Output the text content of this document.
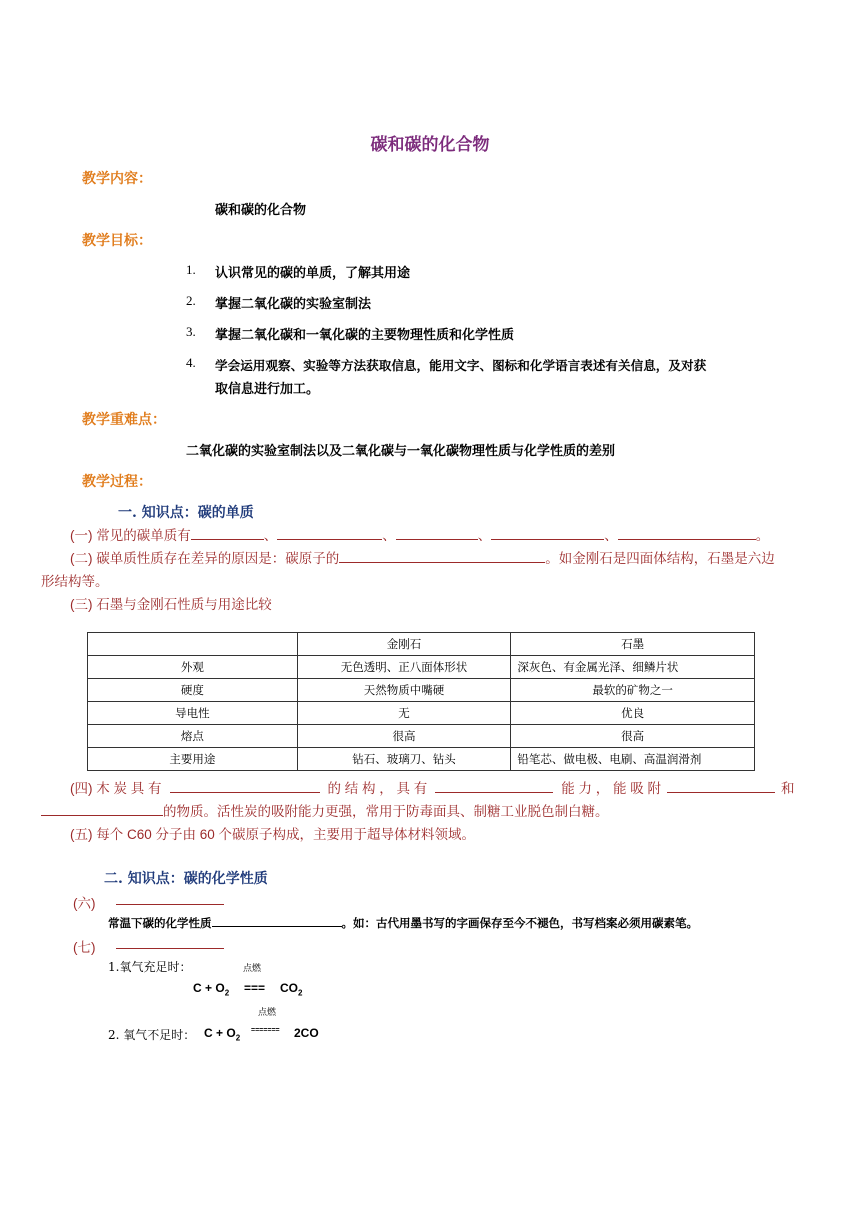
碳和碳的化合物
教学内容：
碳和碳的化合物
教学目标：
1. 认识常见的碳的单质，了解其用途
2. 掌握二氧化碳的实验室制法
3. 掌握二氧化碳和一氧化碳的主要物理性质和化学性质
4. 学会运用观察、实验等方法获取信息，能用文字、图标和化学语言表述有关信息，及对获
取信息进行加工。
教学重难点：
二氧化碳的实验室制法以及二氧化碳与一氧化碳物理性质与化学性质的差别
教学过程：
一. 知识点：碳的单质
(一) 常见的碳单质有	、	、	、	、	。
(二) 碳单质性质存在差异的原因是：碳原子的	。如金刚石是四面体结构，石墨是六边
形结构等。
(三) 石墨与金刚石性质与用途比较
	金刚石	石墨
外观	无色透明、正八面体形状	深灰色、有金属光泽、细鳞片状
硬度	天然物质中嘴硬	最软的矿物之一
导电性	无	优良
熔点	很高	很高
主要用途	钻石、玻璃刀、钻头	铅笔芯、做电极、电刷、高温润滑剂
(四) 木 炭 具 有	的 结 构 ， 具 有	能 力 ， 能 吸 附	和
的物质。活性炭的吸附能力更强，常用于防毒面具、制糖工业脱色制白糖。
(五) 每个 C60 分子由 60 个碳原子构成，主要用于超导体材料领域。
二. 知识点：碳的化学性质
(六)
常温下碳的化学性质	。如：古代用墨书写的字画保存至今不褪色，书写档案必须用碳素笔。
(七)
1.氧气充足时：	点燃
$C + O_2$ === $CO_2$
点燃
2. 氧气不足时： $C + O_2$
======= 2CO
